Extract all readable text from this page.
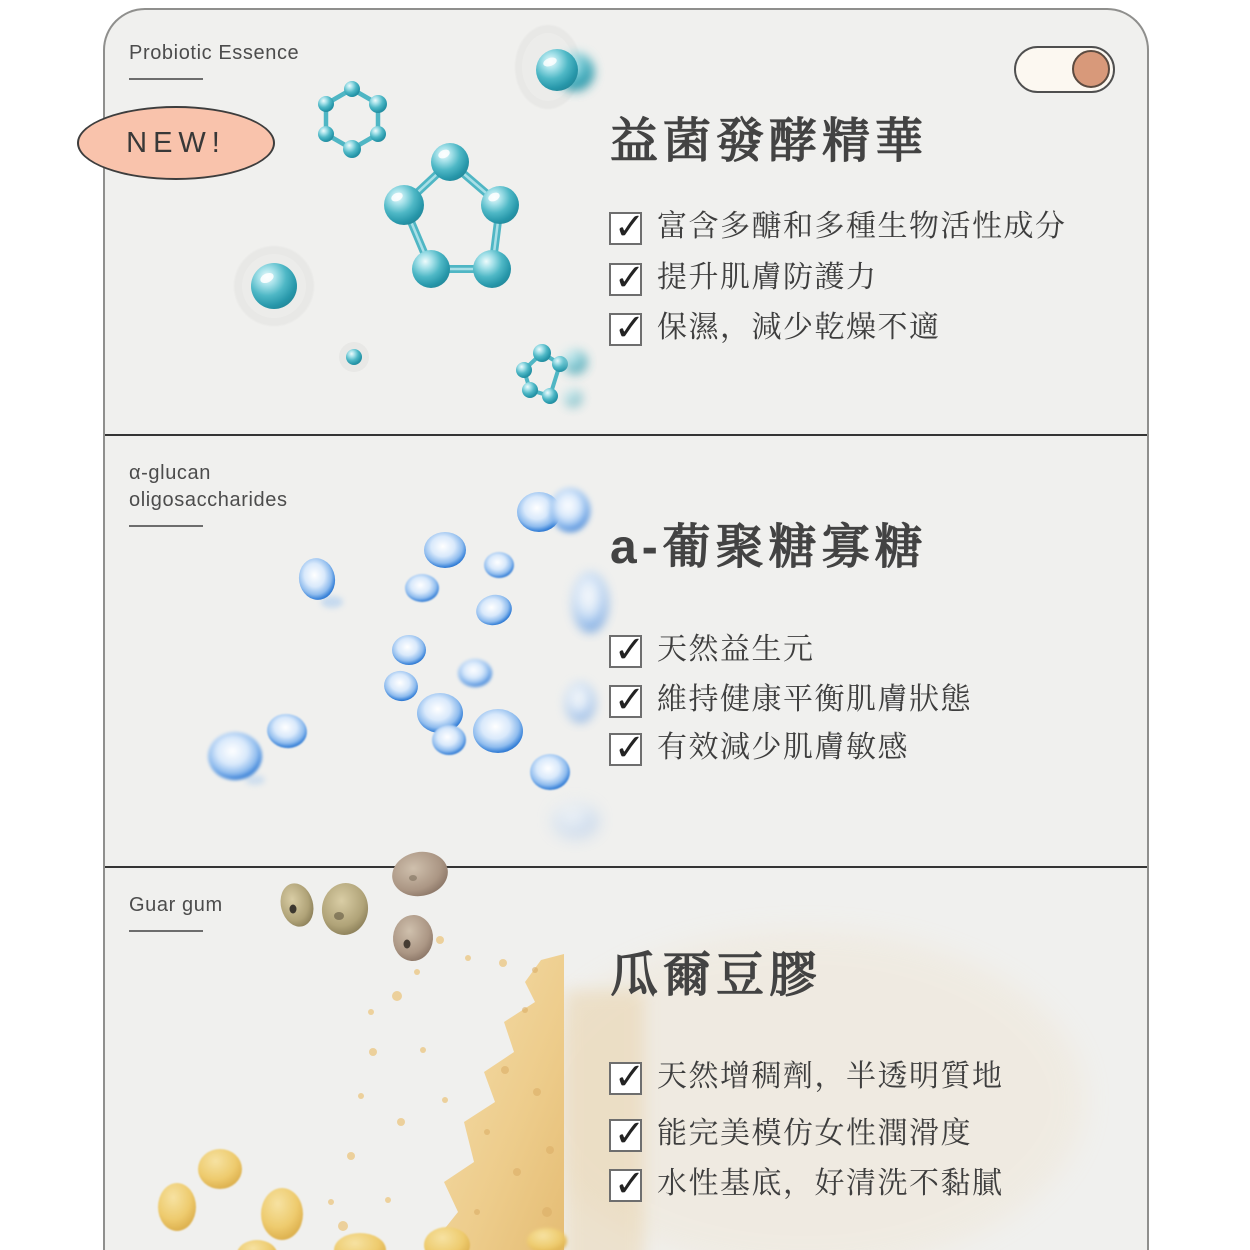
NEW!
Probiotic Essence
益菌發酵精華
✓ 富含多醣和多種生物活性成分
✓ 提升肌膚防護力
✓ 保濕，減少乾燥不適
α-glucan oligosaccharides
a-葡聚糖寡糖
✓ 天然益生元
✓ 維持健康平衡肌膚狀態
✓ 有效減少肌膚敏感
Guar gum
瓜爾豆膠
✓ 天然增稠劑，半透明質地
✓ 能完美模仿女性潤滑度
✓ 水性基底，好清洗不黏膩
